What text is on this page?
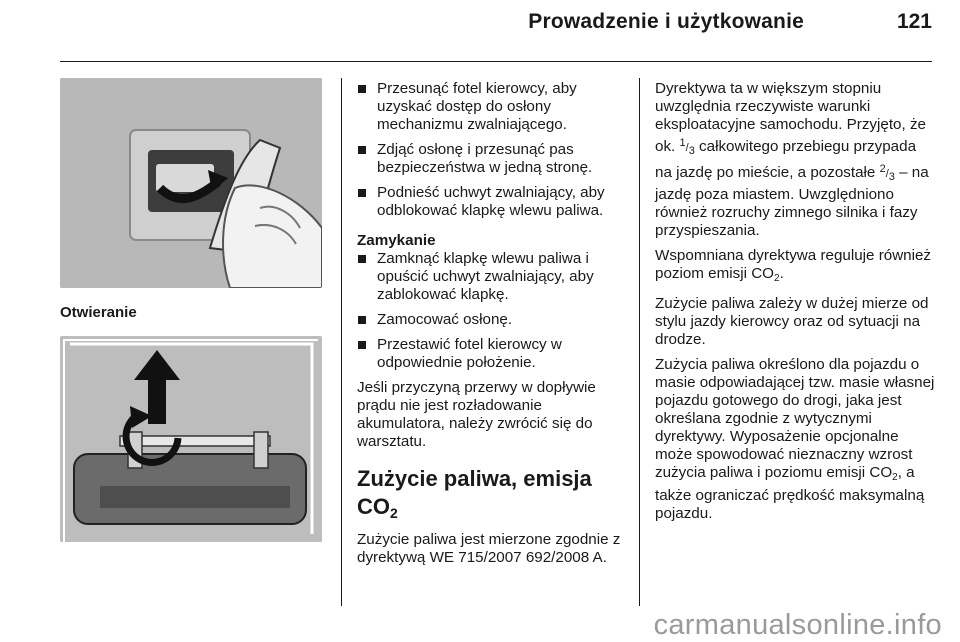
Prowadzenie i użytkowanie	121
Otwieranie
Przesunąć fotel kierowcy, aby uzyskać dostęp do osłony mechanizmu zwalniającego.
Zdjąć osłonę i przesunąć pas bezpieczeństwa w jedną stronę.
Podnieść uchwyt zwalniający, aby odblokować klapkę wlewu paliwa.

Zamykanie

Zamknąć klapkę wlewu paliwa i opuścić uchwyt zwalniający, aby zablokować klapkę.
Zamocować osłonę.
Przestawić fotel kierowcy w odpowiednie położenie.

Jeśli przyczyną przerwy w dopływie prądu nie jest rozładowanie akumulatora, należy zwrócić się do warsztatu.

Zużycie paliwa, emisja $CO_2$

Zużycie paliwa jest mierzone zgodnie z dyrektywą WE 715/2007 692/2008 A.

Dyrektywa ta w większym stopniu uwzględnia rzeczywiste warunki eksploatacyjne samochodu. Przyjęto, że ok. 1/3 całkowitego przebiegu przypada na jazdę po mieście, a pozostałe 2/3 – na jazdę poza miastem. Uwzględniono również rozruchy zimnego silnika i fazy przyspieszania.

Wspomniana dyrektywa reguluje również poziom emisji CO2.

Zużycie paliwa zależy w dużej mierze od stylu jazdy kierowcy oraz od sytuacji na drodze.

Zużycia paliwa określono dla pojazdu o masie odpowiadającej tzw. masie własnej pojazdu gotowego do drogi, jaka jest określana zgodnie z wytycznymi dyrektywy. Wyposażenie opcjonalne może spowodować nieznaczny wzrost zużycia paliwa i poziomu emisji CO2, a także ograniczać prędkość maksymalną pojazdu.

carmanualsonline.info
